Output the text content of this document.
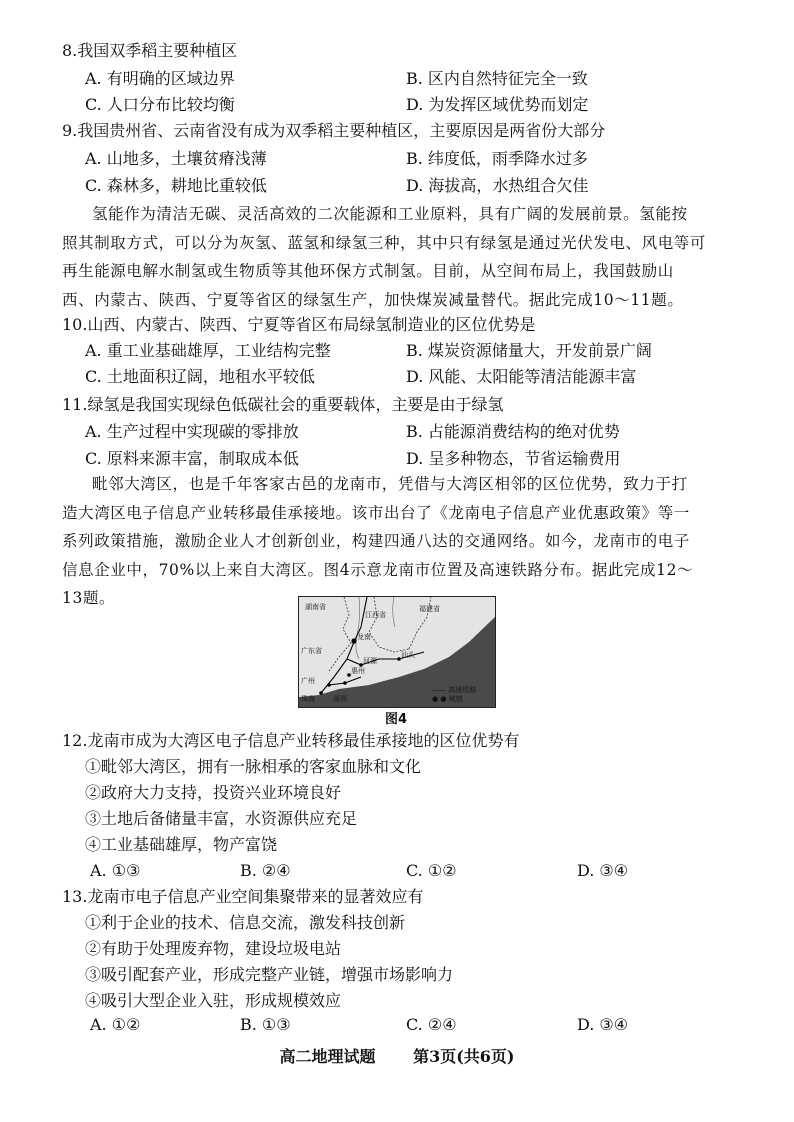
8.我国双季稻主要种植区
A. 有明确的区域边界	B. 区内自然特征完全一致
C. 人口分布比较均衡	D. 为发挥区域优势而划定
9.我国贵州省、云南省没有成为双季稻主要种植区，主要原因是两省份大部分
A. 山地多，土壤贫瘠浅薄	B. 纬度低，雨季降水过多
C. 森林多，耕地比重较低	D. 海拔高，水热组合欠佳

氢能作为清洁无碳、灵活高效的二次能源和工业原料，具有广阔的发展前景。氢能按

照其制取方式，可以分为灰氢、蓝氢和绿氢三种，其中只有绿氢是通过光伏发电、风电等可

再生能源电解水制氢或生物质等其他环保方式制氢。目前，从空间布局上，我国鼓励山

西、内蒙古、陕西、宁夏等省区的绿氢生产，加快煤炭减量替代。据此完成10～11题。

10.山西、内蒙古、陕西、宁夏等省区布局绿氢制造业的区位优势是
A. 重工业基础雄厚，工业结构完整	B. 煤炭资源储量大，开发前景广阔
C. 土地面积辽阔，地租水平较低	D. 风能、太阳能等清洁能源丰富
11.绿氢是我国实现绿色低碳社会的重要载体，主要是由于绿氢
A. 生产过程中实现碳的零排放	B. 占能源消费结构的绝对优势
C. 原料来源丰富，制取成本低	D. 呈多种物态，节省运输费用

毗邻大湾区，也是千年客家古邑的龙南市，凭借与大湾区相邻的区位优势，致力于打

造大湾区电子信息产业转移最佳承接地。该市出台了《龙南电子信息产业优惠政策》等一

系列政策措施，激励企业人才创新创业，构建四通八达的交通网络。如今，龙南市的电子

信息企业中，70%以上来自大湾区。图4示意龙南市位置及高速铁路分布。据此完成12～

13题。	湖南省
江西省
福建省
龙南
广东省
河源
汕头
惠州
广州
珠海	深圳
—— 高速铁路
● ● 城镇
图4
12.龙南市成为大湾区电子信息产业转移最佳承接地的区位优势有
①毗邻大湾区，拥有一脉相承的客家血脉和文化
②政府大力支持，投资兴业环境良好
③土地后备储量丰富，水资源供应充足
④工业基础雄厚，物产富饶
A. ①③	B. ②④	C. ①②	D. ③④
13.龙南市电子信息产业空间集聚带来的显著效应有
①利于企业的技术、信息交流，激发科技创新
②有助于处理废弃物，建设垃圾电站
③吸引配套产业，形成完整产业链，增强市场影响力
④吸引大型企业入驻，形成规模效应
A. ①②	B. ①③	C. ②④	D. ③④
高二地理试题 第3页(共6页)
